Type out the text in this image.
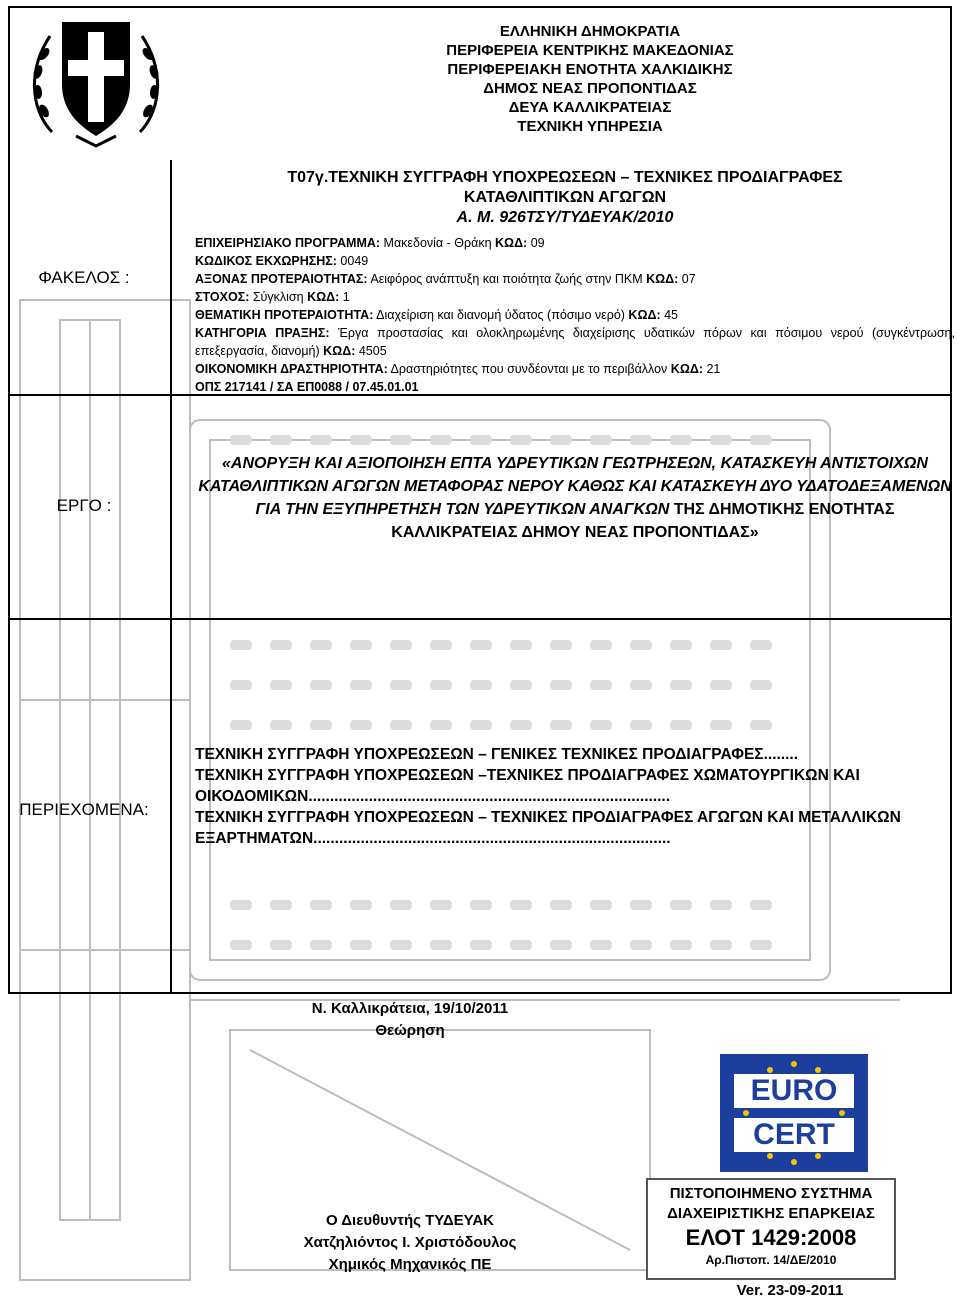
ΕΛΛΗΝΙΚΗ ΔΗΜΟΚΡΑΤΙΑ
ΠΕΡΙΦΕΡΕΙΑ ΚΕΝΤΡΙΚΗΣ ΜΑΚΕΔΟΝΙΑΣ
ΠΕΡΙΦΕΡΕΙΑΚΗ ΕΝΟΤΗΤΑ ΧΑΛΚΙΔΙΚΗΣ
ΔΗΜΟΣ ΝΕΑΣ ΠΡΟΠΟΝΤΙΔΑΣ
ΔΕΥΑ ΚΑΛΛΙΚΡΑΤΕΙΑΣ
ΤΕΧΝΙΚΗ ΥΠΗΡΕΣΙΑ
Τ07γ.ΤΕΧΝΙΚΗ ΣΥΓΓΡΑΦΗ ΥΠΟΧΡΕΩΣΕΩΝ – ΤΕΧΝΙΚΕΣ ΠΡΟΔΙΑΓΡΑΦΕΣ
ΚΑΤΑΘΛΙΠΤΙΚΩΝ ΑΓΩΓΩΝ
Α. Μ. 926ΤΣΥ/ΤΥΔΕΥΑΚ/2010
ΦΑΚΕΛΟΣ :
ΕΠΙΧΕΙΡΗΣΙΑΚΟ ΠΡΟΓΡΑΜΜΑ: Μακεδονία - Θράκη ΚΩΔ: 09
ΚΩΔΙΚΟΣ ΕΚΧΩΡΗΣΗΣ: 0049
ΑΞΟΝΑΣ ΠΡΟΤΕΡΑΙΟΤΗΤΑΣ: Αειφόρος ανάπτυξη και ποιότητα ζωής στην ΠΚΜ ΚΩΔ: 07
ΣΤΟΧΟΣ: Σύγκλιση ΚΩΔ: 1
ΘΕΜΑΤΙΚΗ ΠΡΟΤΕΡΑΙΟΤΗΤΑ: Διαχείριση και διανομή ύδατος (πόσιμο νερό) ΚΩΔ: 45
ΚΑΤΗΓΟΡΙΑ ΠΡΑΞΗΣ: Έργα προστασίας και ολοκληρωμένης διαχείρισης υδατικών πόρων και πόσιμου νερού (συγκέντρωση, επεξεργασία, διανομή) ΚΩΔ: 4505
ΟΙΚΟΝΟΜΙΚΗ ΔΡΑΣΤΗΡΙΟΤΗΤΑ: Δραστηριότητες που συνδέονται με το περιβάλλον ΚΩΔ: 21
ΟΠΣ 217141 / ΣΑ ΕΠ0088 / 07.45.01.01
ΕΡΓΟ :
«ΑΝΟΡΥΞΗ ΚΑΙ ΑΞΙΟΠΟΙΗΣΗ ΕΠΤΑ ΥΔΡΕΥΤΙΚΩΝ ΓΕΩΤΡΗΣΕΩΝ, ΚΑΤΑΣΚΕΥΗ ΑΝΤΙΣΤΟΙΧΩΝ ΚΑΤΑΘΛΙΠΤΙΚΩΝ ΑΓΩΓΩΝ ΜΕΤΑΦΟΡΑΣ ΝΕΡΟΥ ΚΑΘΩΣ ΚΑΙ ΚΑΤΑΣΚΕΥΗ ΔΥΟ ΥΔΑΤΟΔΕΞΑΜΕΝΩΝ ΓΙΑ ΤΗΝ ΕΞΥΠΗΡΕΤΗΣΗ ΤΩΝ ΥΔΡΕΥΤΙΚΩΝ ΑΝΑΓΚΩΝ ΤΗΣ ΔΗΜΟΤΙΚΗΣ ΕΝΟΤΗΤΑΣ ΚΑΛΛΙΚΡΑΤΕΙΑΣ ΔΗΜΟΥ ΝΕΑΣ ΠΡΟΠΟΝΤΙΔΑΣ»
ΠΕΡΙΕΧΟΜΕΝΑ:
ΤΕΧΝΙΚΗ ΣΥΓΓΡΑΦΗ ΥΠΟΧΡΕΩΣΕΩΝ – ΓΕΝΙΚΕΣ ΤΕΧΝΙΚΕΣ ΠΡΟΔΙΑΓΡΑΦΕΣ........
ΤΕΧΝΙΚΗ ΣΥΓΓΡΑΦΗ ΥΠΟΧΡΕΩΣΕΩΝ –ΤΕΧΝΙΚΕΣ ΠΡΟΔΙΑΓΡΑΦΕΣ ΧΩΜΑΤΟΥΡΓΙΚΩΝ ΚΑΙ ΟΙΚΟΔΟΜΙΚΩΝ....................................................................................
ΤΕΧΝΙΚΗ ΣΥΓΓΡΑΦΗ ΥΠΟΧΡΕΩΣΕΩΝ – ΤΕΧΝΙΚΕΣ ΠΡΟΔΙΑΓΡΑΦΕΣ ΑΓΩΓΩΝ ΚΑΙ ΜΕΤΑΛΛΙΚΩΝ ΕΞΑΡΤΗΜΑΤΩΝ...................................................................................
Ν. Καλλικράτεια, 19/10/2011
Θεώρηση
Ο Διευθυντής ΤΥΔΕΥΑΚ
Χατζηλιόντος Ι. Χριστόδουλος
Χημικός Μηχανικός ΠΕ
EURO
CERT
ΠΙΣΤΟΠΟΙΗΜΕΝΟ ΣΥΣΤΗΜΑ
ΔΙΑΧΕΙΡΙΣΤΙΚΗΣ ΕΠΑΡΚΕΙΑΣ
ΕΛΟΤ 1429:2008
Αρ.Πιστοπ. 14/ΔΕ/2010
Ver. 23-09-2011
